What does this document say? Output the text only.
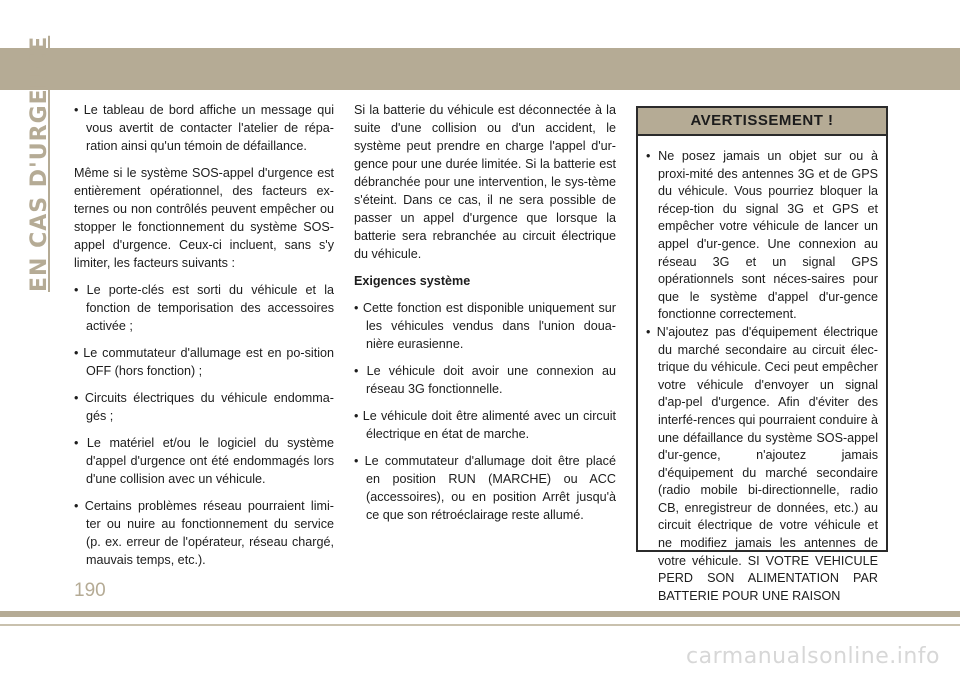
EN CAS D'URGENCE

•	Le tableau de bord affiche un message qui vous avertit de contacter l'atelier de répa-ration ainsi qu'un témoin de défaillance.

Même si le système SOS-appel d'urgence est entièrement opérationnel, des facteurs ex-ternes ou non contrôlés peuvent empêcher ou stopper le fonctionnement du système SOS-appel d'urgence. Ceux-ci incluent, sans s'y limiter, les facteurs suivants :

• Le porte-clés est sorti du véhicule et la fonction de temporisation des accessoires activée ;

• Le commutateur d'allumage est en po-sition OFF (hors fonction) ;

• Circuits électriques du véhicule endomma-gés ;

• Le matériel et/ou le logiciel du système d'appel d'urgence ont été endommagés lors d'une collision avec un véhicule.

• Certains problèmes réseau pourraient limi-ter ou nuire au fonctionnement du service (p. ex. erreur de l'opérateur, réseau chargé, mauvais temps, etc.).

Si la batterie du véhicule est déconnectée à la suite d'une collision ou d'un accident, le système peut prendre en charge l'appel d'ur-gence pour une durée limitée. Si la batterie est débranchée pour une intervention, le sys-tème s'éteint. Dans ce cas, il ne sera possible de passer un appel d'urgence que lorsque la batterie sera rebranchée au circuit électrique du véhicule.

Exigences système

• Cette fonction est disponible uniquement sur les véhicules vendus dans l'union doua-nière eurasienne.

• Le véhicule doit avoir une connexion au réseau 3G fonctionnelle.

• Le véhicule doit être alimenté avec un circuit électrique en état de marche.

• Le commutateur d'allumage doit être placé en position RUN (MARCHE) ou ACC (accessoires), ou en position Arrêt jusqu'à ce que son rétroéclairage reste allumé.

AVERTISSEMENT !

• Ne posez jamais un objet sur ou à proxi-mité des antennes 3G et de GPS du véhicule. Vous pourriez bloquer la récep-tion du signal 3G et GPS et empêcher votre véhicule de lancer un appel d'ur-gence. Une connexion au réseau 3G et un signal GPS opérationnels sont néces-saires pour que le système d'appel d'ur-gence fonctionne correctement.

• N'ajoutez pas d'équipement électrique du marché secondaire au circuit élec-trique du véhicule. Ceci peut empêcher votre véhicule d'envoyer un signal d'ap-pel d'urgence. Afin d'éviter des interfé-rences qui pourraient conduire à une défaillance du système SOS-appel d'ur-gence, n'ajoutez jamais d'équipement du marché secondaire (radio mobile bi-directionnelle, radio CB, enregistreur de données, etc.) au circuit électrique de votre véhicule et ne modifiez jamais les antennes de votre véhicule. SI VOTRE VEHICULE PERD SON ALIMENTATION PAR BATTERIE POUR UNE RAISON

190
carmanualsonline.info
